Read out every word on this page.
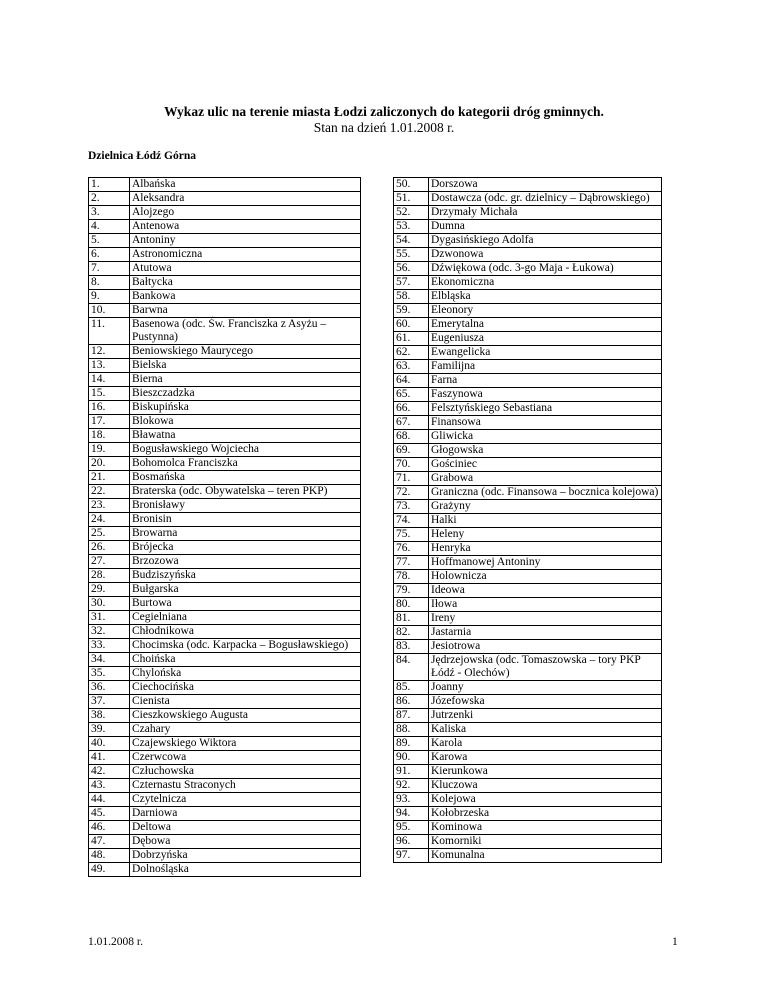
Wykaz ulic na terenie miasta Łodzi zaliczonych do kategorii dróg gminnych.
Stan na dzień 1.01.2008 r.
Dzielnica Łódź Górna
1.	Albańska
2.	Aleksandra
3.	Alojzego
4.	Antenowa
5.	Antoniny
6.	Astronomiczna
7.	Atutowa
8.	Bałtycka
9.	Bankowa
10.	Barwna
11.	Basenowa (odc. Św. Franciszka z Asyżu – Pustynna)
12.	Beniowskiego Maurycego
13.	Bielska
14.	Bierna
15.	Bieszczadzka
16.	Biskupińska
17.	Blokowa
18.	Bławatna
19.	Bogusławskiego Wojciecha
20.	Bohomolca Franciszka
21.	Bosmańska
22.	Braterska (odc. Obywatelska – teren PKP)
23.	Bronisławy
24.	Bronisin
25.	Browarna
26.	Brójecka
27.	Brzozowa
28.	Budziszyńska
29.	Bułgarska
30.	Burtowa
31.	Cegielniana
32.	Chłodnikowa
33.	Chocimska (odc. Karpacka – Bogusławskiego)
34.	Choińska
35.	Chylońska
36.	Ciechocińska
37.	Cienista
38.	Cieszkowskiego Augusta
39.	Czahary
40.	Czajewskiego Wiktora
41.	Czerwcowa
42.	Człuchowska
43.	Czternastu Straconych
44.	Czytelnicza
45.	Darniowa
46.	Deltowa
47.	Dębowa
48.	Dobrzyńska
49.	Dolnośląska
50.	Dorszowa
51.	Dostawcza (odc. gr. dzielnicy – Dąbrowskiego)
52.	Drzymały Michała
53.	Dumna
54.	Dygasińskiego Adolfa
55.	Dzwonowa
56.	Dźwiękowa (odc. 3-go Maja - Łukowa)
57.	Ekonomiczna
58.	Elbląska
59.	Eleonory
60.	Emerytalna
61.	Eugeniusza
62.	Ewangelicka
63.	Familijna
64.	Farna
65.	Faszynowa
66.	Felsztyńskiego Sebastiana
67.	Finansowa
68.	Gliwicka
69.	Głogowska
70.	Gościniec
71.	Grabowa
72.	Graniczna (odc. Finansowa – bocznica kolejowa)
73.	Grażyny
74.	Halki
75.	Heleny
76.	Henryka
77.	Hoffmanowej Antoniny
78.	Holownicza
79.	Ideowa
80.	Iłowa
81.	Ireny
82.	Jastarnia
83.	Jesiotrowa
84.	Jędrzejowska (odc. Tomaszowska – tory PKP Łódź - Olechów)
85.	Joanny
86.	Józefowska
87.	Jutrzenki
88.	Kaliska
89.	Karola
90.	Karowa
91.	Kierunkowa
92.	Kluczowa
93.	Kolejowa
94.	Kołobrzeska
95.	Kominowa
96.	Komorniki
97.	Komunalna
1.01.2008 r.	1
